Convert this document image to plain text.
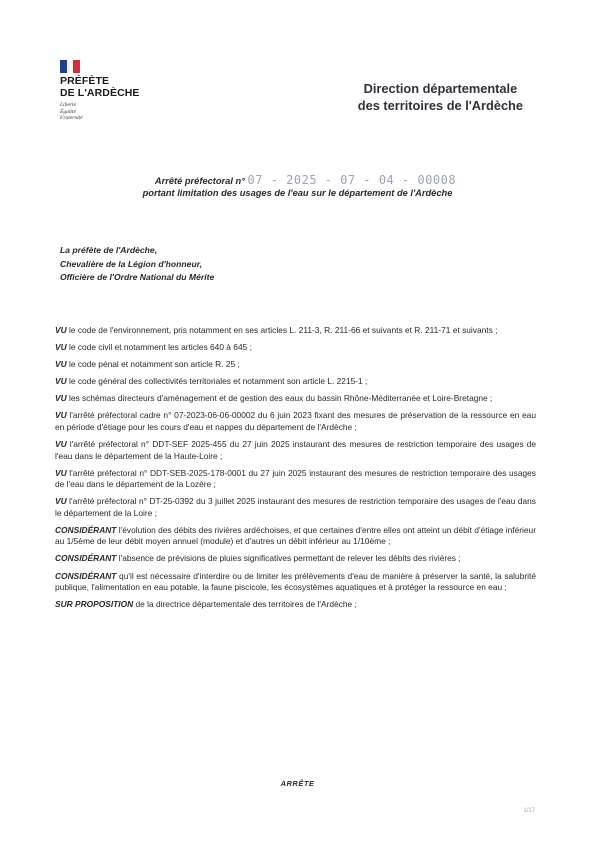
PRÉFÈTE
DE L'ARDÈCHE
Liberté
Égalité
Fraternité
Direction départementale
des territoires de l'Ardèche
Arrêté préfectoral n° 07 - 2025 - 07 - 04 - 00008
portant limitation des usages de l'eau sur le département de l'Ardèche
La préfète de l'Ardèche,
Chevalière de la Légion d'honneur,
Officière de l'Ordre National du Mérite

VU le code de l'environnement, pris notamment en ses articles L. 211-3, R. 211-66 et suivants et R. 211-71 et suivants ;

VU le code civil et notamment les articles 640 à 645 ;

VU le code pénal et notamment son article R. 25 ;

VU le code général des collectivités territoriales et notamment son article L. 2215-1 ;

VU les schémas directeurs d'aménagement et de gestion des eaux du bassin Rhône-Méditerranée et Loire-Bretagne ;

VU l'arrêté préfectoral cadre n° 07-2023-06-06-00002 du 6 juin 2023 fixant des mesures de préservation de la ressource en eau en période d'étiage pour les cours d'eau et nappes du département de l'Ardèche ;

VU l'arrêté préfectoral n° DDT-SEF 2025-455 du 27 juin 2025 instaurant des mesures de restriction temporaire des usages de l'eau dans le département de la Haute-Loire ;

VU l'arrêté préfectoral n° DDT-SEB-2025-178-0001 du 27 juin 2025 instaurant des mesures de restriction temporaire des usages de l'eau dans le département de la Lozère ;

VU l'arrêté préfectoral n° DT-25-0392 du 3 juillet 2025 instaurant des mesures de restriction temporaire des usages de l'eau dans le département de la Loire ;

CONSIDÉRANT l'évolution des débits des rivières ardéchoises, et que certaines d'entre elles ont atteint un débit d'étiage inférieur au 1/5ème de leur débit moyen annuel (module) et d'autres un débit inférieur au 1/10ème ;

CONSIDÉRANT l'absence de prévisions de pluies significatives permettant de relever les débits des rivières ;

CONSIDÉRANT qu'il est nécessaire d'interdire ou de limiter les prélèvements d'eau de manière à préserver la santé, la salubrité publique, l'alimentation en eau potable, la faune piscicole, les écosystèmes aquatiques et à protéger la ressource en eau ;

SUR PROPOSITION de la directrice départementale des territoires de l'Ardèche ;

ARRÊTE
1/17
